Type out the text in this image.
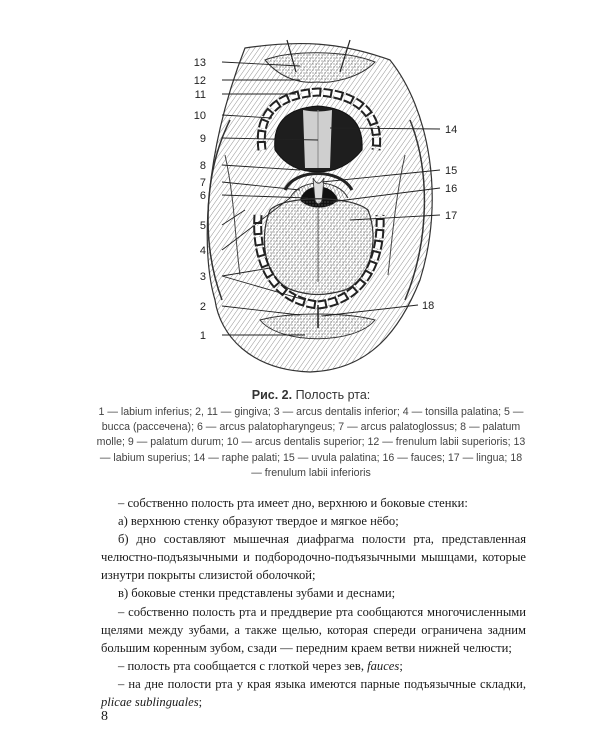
13
12
11
10
9
8
7
6
5
4
3
2
1
14
15
16
17
18
Рис. 2. Полость рта:
1 — labium inferius; 2, 11 — gingiva; 3 — arcus dentalis inferior; 4 — tonsilla palatina; 5 — bucca (рассечена); 6 — arcus palatopharyngeus; 7 — arcus palatoglossus; 8 — palatum molle; 9 — palatum durum; 10 — arcus dentalis superior; 12 — frenulum labii superioris; 13 — labium superius; 14 — raphe palati; 15 — uvula palatina; 16 — fauces; 17 — lingua; 18 — frenulum labii inferioris

– собственно полость рта имеет дно, верхнюю и боковые стенки:

а) верхнюю стенку образуют твердое и мягкое нёбо;

б) дно составляют мышечная диафрагма полости рта, представленная челюстно-подъязычными и подбородочно-подъязычными мышцами, которые изнутри покрыты слизистой оболочкой;

в) боковые стенки представлены зубами и деснами;

– собственно полость рта и преддверие рта сообщаются многочисленными щелями между зубами, а также щелью, которая спереди ограничена задним большим коренным зубом, сзади — передним краем ветви нижней челюсти;

– полость рта сообщается с глоткой через зев, fauces;

– на дне полости рта у края языка имеются парные подъязычные складки, plicae sublinguales;

8
